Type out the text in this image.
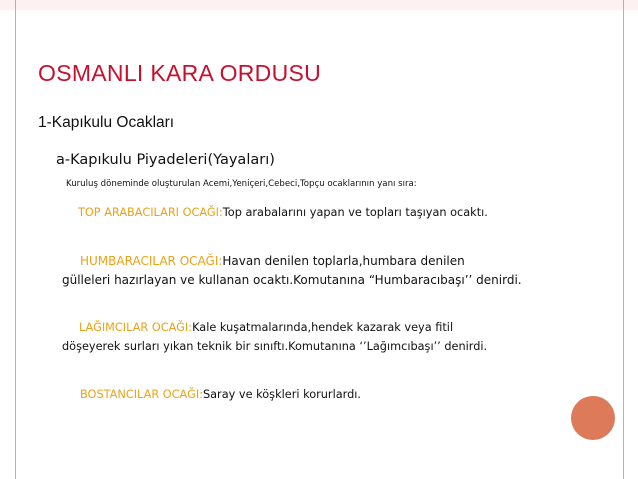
OSMANLI KARA ORDUSU
1-Kapıkulu Ocakları
a-Kapıkulu Piyadeleri(Yayaları)
Kuruluş döneminde oluşturulan Acemi,Yeniçeri,Cebeci,Topçu ocaklarının yanı sıra:
TOP ARABACILARI OCAĞI:Top arabalarını yapan ve topları taşıyan ocaktı.
HUMBARACILAR OCAĞI:Havan denilen toplarla,humbara denilen
gülleleri hazırlayan ve kullanan ocaktı.Komutanına “Humbaracıbaşı’’ denirdi.
LAĞIMCILAR OCAĞI:Kale kuşatmalarında,hendek kazarak veya fitil
döşeyerek surları yıkan teknik bir sınıftı.Komutanına ‘’Lağımcıbaşı’’ denirdi.
BOSTANCILAR OCAĞI:Saray ve köşkleri korurlardı.
